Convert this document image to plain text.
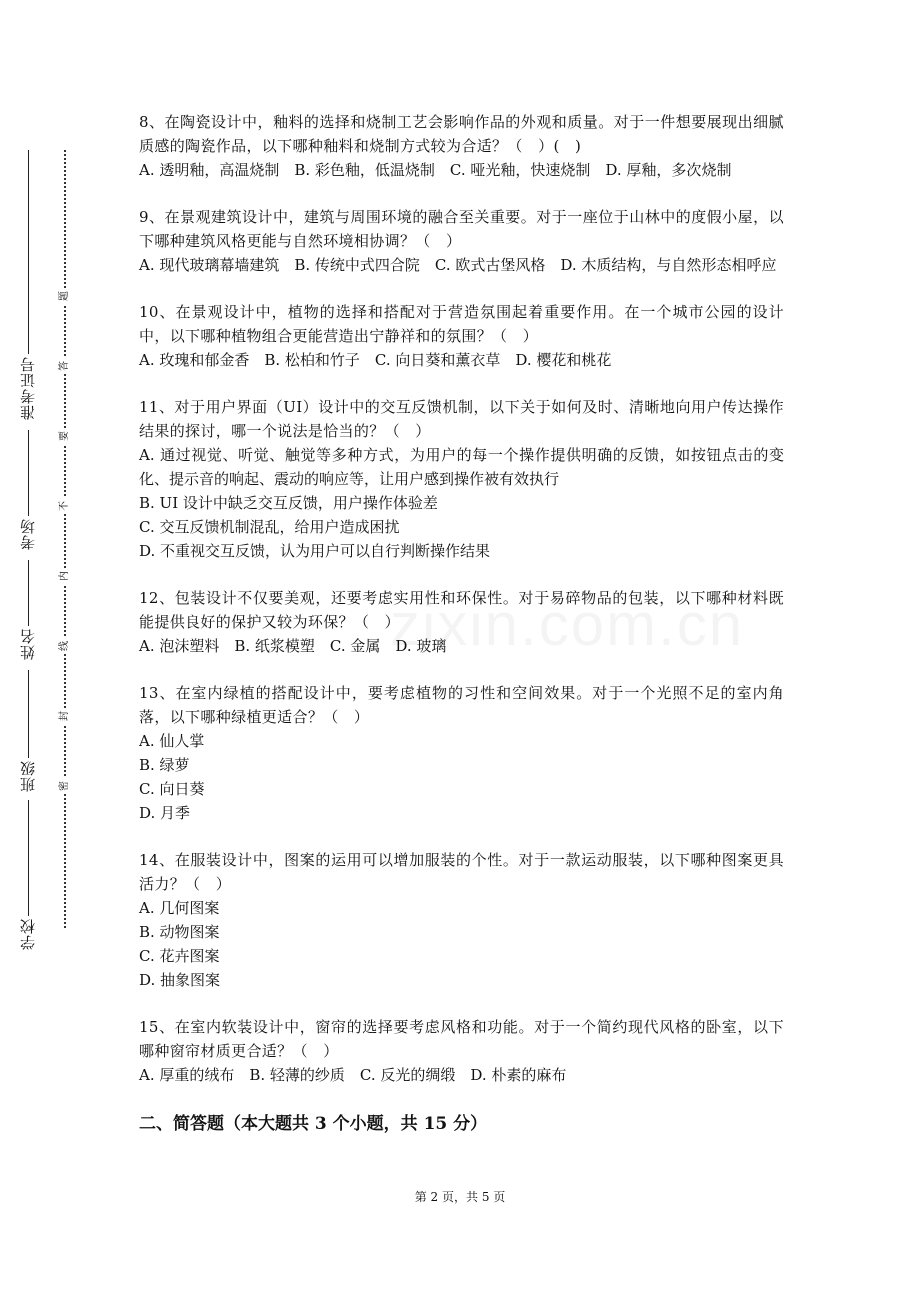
准考证号
考场
姓名
班级
学校
题
答
要
不
内
线
封
密

8、在陶瓷设计中，釉料的选择和烧制工艺会影响作品的外观和质量。对于一件想要展现出细腻质感的陶瓷作品，以下哪种釉料和烧制方式较为合适？（　）(　)

A. 透明釉，高温烧制　B. 彩色釉，低温烧制　C. 哑光釉，快速烧制　D. 厚釉，多次烧制

9、在景观建筑设计中，建筑与周围环境的融合至关重要。对于一座位于山林中的度假小屋，以下哪种建筑风格更能与自然环境相协调？（　）

A. 现代玻璃幕墙建筑　B. 传统中式四合院　C. 欧式古堡风格　D. 木质结构，与自然形态相呼应

10、在景观设计中，植物的选择和搭配对于营造氛围起着重要作用。在一个城市公园的设计中，以下哪种植物组合更能营造出宁静祥和的氛围？（　）

A. 玫瑰和郁金香　B. 松柏和竹子　C. 向日葵和薰衣草　D. 樱花和桃花

11、对于用户界面（UI）设计中的交互反馈机制，以下关于如何及时、清晰地向用户传达操作结果的探讨，哪一个说法是恰当的？（　）

A. 通过视觉、听觉、触觉等多种方式，为用户的每一个操作提供明确的反馈，如按钮点击的变化、提示音的响起、震动的响应等，让用户感到操作被有效执行

B. UI 设计中缺乏交互反馈，用户操作体验差

C. 交互反馈机制混乱，给用户造成困扰

D. 不重视交互反馈，认为用户可以自行判断操作结果

12、包装设计不仅要美观，还要考虑实用性和环保性。对于易碎物品的包装，以下哪种材料既能提供良好的保护又较为环保？（　）

A. 泡沫塑料　B. 纸浆模塑　C. 金属　D. 玻璃

13、在室内绿植的搭配设计中，要考虑植物的习性和空间效果。对于一个光照不足的室内角落，以下哪种绿植更适合？（　）

A. 仙人掌

B. 绿萝

C. 向日葵

D. 月季

14、在服装设计中，图案的运用可以增加服装的个性。对于一款运动服装，以下哪种图案更具活力？（　）

A. 几何图案

B. 动物图案

C. 花卉图案

D. 抽象图案

15、在室内软装设计中，窗帘的选择要考虑风格和功能。对于一个简约现代风格的卧室，以下哪种窗帘材质更合适？（　）

A. 厚重的绒布　B. 轻薄的纱质　C. 反光的绸缎　D. 朴素的麻布

二、简答题（本大题共 3 个小题，共 15 分）
第 2 页，共 5 页
